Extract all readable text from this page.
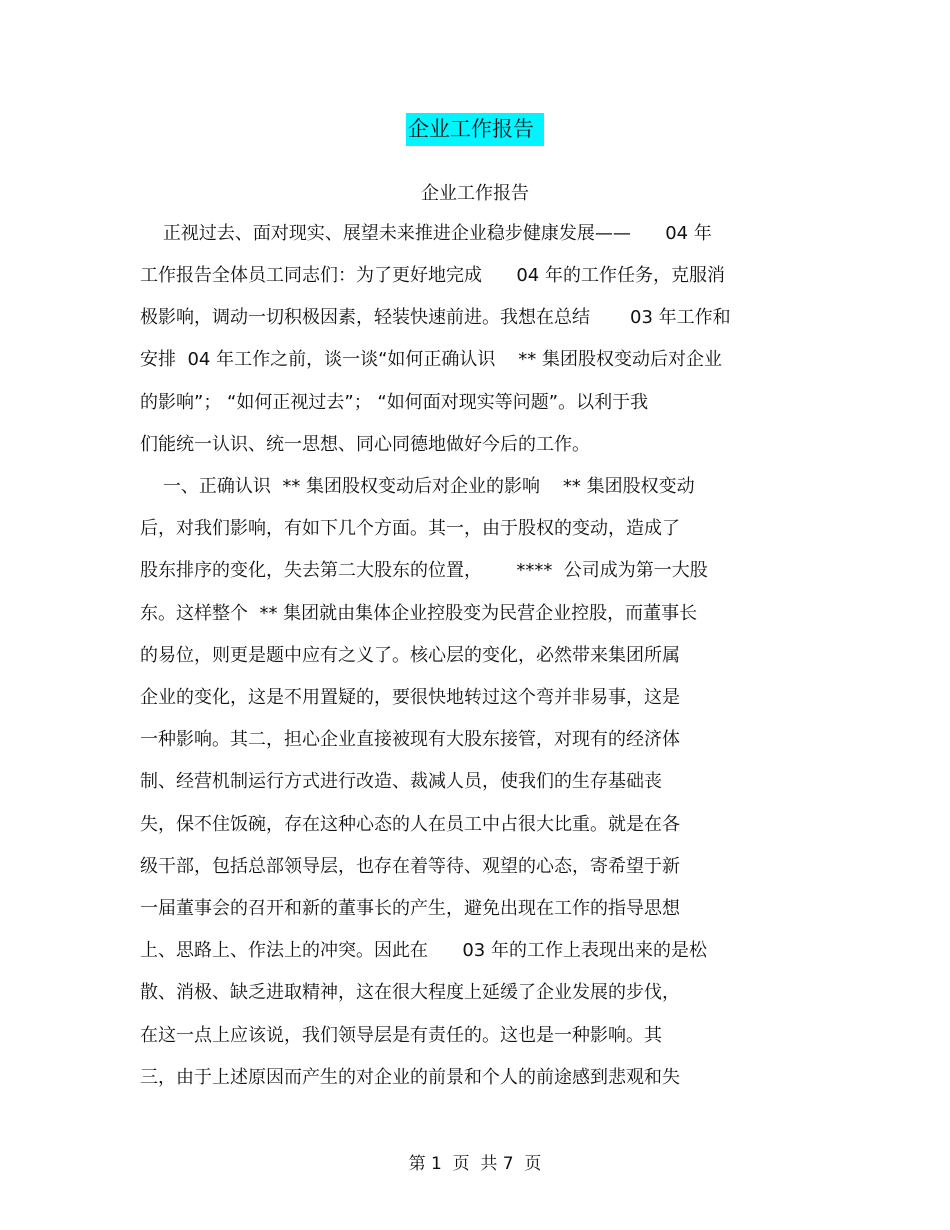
企业工作报告
企业工作报告
正视过去、面对现实、展望未来推进企业稳步健康发展——      04 年
工作报告全体员工同志们：为了更好地完成      04 年的工作任务，克服消
极影响，调动一切积极因素，轻装快速前进。我想在总结       03 年工作和
安排  04 年工作之前，谈一谈“如何正确认识    ** 集团股权变动后对企业
的影响”； “如何正视过去”； “如何面对现实等问题”。以利于我
们能统一认识、统一思想、同心同德地做好今后的工作。
一、正确认识  ** 集团股权变动后对企业的影响    ** 集团股权变动
后，对我们影响，有如下几个方面。其一，由于股权的变动，造成了
股东排序的变化，失去第二大股东的位置，      ****  公司成为第一大股
东。这样整个  ** 集团就由集体企业控股变为民营企业控股，而董事长
的易位，则更是题中应有之义了。核心层的变化，必然带来集团所属
企业的变化，这是不用置疑的，要很快地转过这个弯并非易事，这是
一种影响。其二，担心企业直接被现有大股东接管，对现有的经济体
制、经营机制运行方式进行改造、裁减人员，使我们的生存基础丧
失，保不住饭碗，存在这种心态的人在员工中占很大比重。就是在各
级干部，包括总部领导层，也存在着等待、观望的心态，寄希望于新
一届董事会的召开和新的董事长的产生，避免出现在工作的指导思想
上、思路上、作法上的冲突。因此在      03 年的工作上表现出来的是松
散、消极、缺乏进取精神，这在很大程度上延缓了企业发展的步伐，
在这一点上应该说，我们领导层是有责任的。这也是一种影响。其
三，由于上述原因而产生的对企业的前景和个人的前途感到悲观和失
第 1  页  共 7  页
